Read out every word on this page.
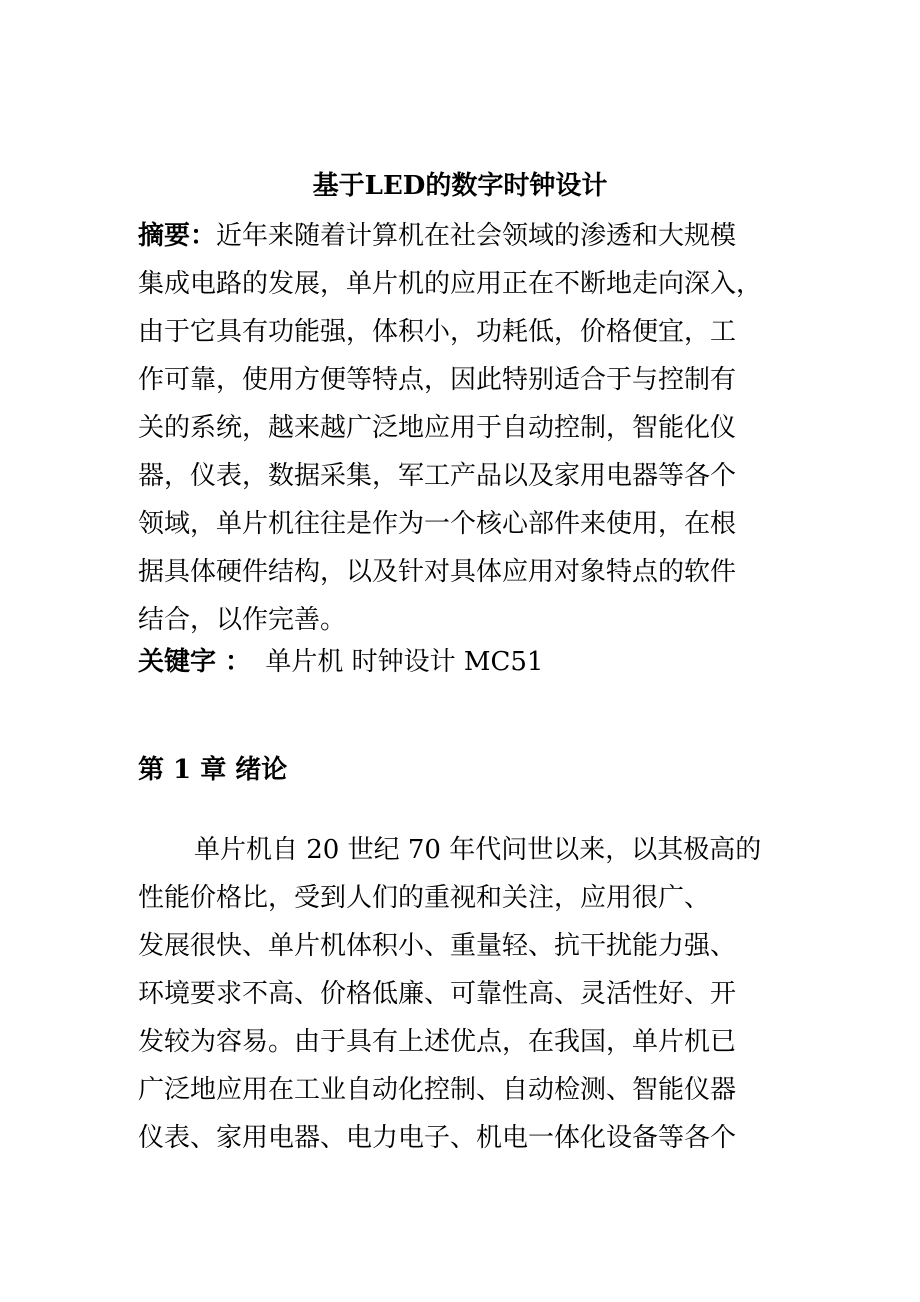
基于LED的数字时钟设计
摘要：近年来随着计算机在社会领域的渗透和大规模
集成电路的发展，单片机的应用正在不断地走向深入，
由于它具有功能强，体积小，功耗低，价格便宜，工
作可靠，使用方便等特点，因此特别适合于与控制有
关的系统，越来越广泛地应用于自动控制，智能化仪
器，仪表，数据采集，军工产品以及家用电器等各个
领域，单片机往往是作为一个核心部件来使用，在根
据具体硬件结构，以及针对具体应用对象特点的软件
结合，以作完善。
关键字 ： 单片机 时钟设计 MC51
第 1 章 绪论
单片机自 20 世纪 70 年代问世以来，以其极高的
性能价格比，受到人们的重视和关注，应用很广、
发展很快、单片机体积小、重量轻、抗干扰能力强、
环境要求不高、价格低廉、可靠性高、灵活性好、开
发较为容易。由于具有上述优点，在我国，单片机已
广泛地应用在工业自动化控制、自动检测、智能仪器
仪表、家用电器、电力电子、机电一体化设备等各个
